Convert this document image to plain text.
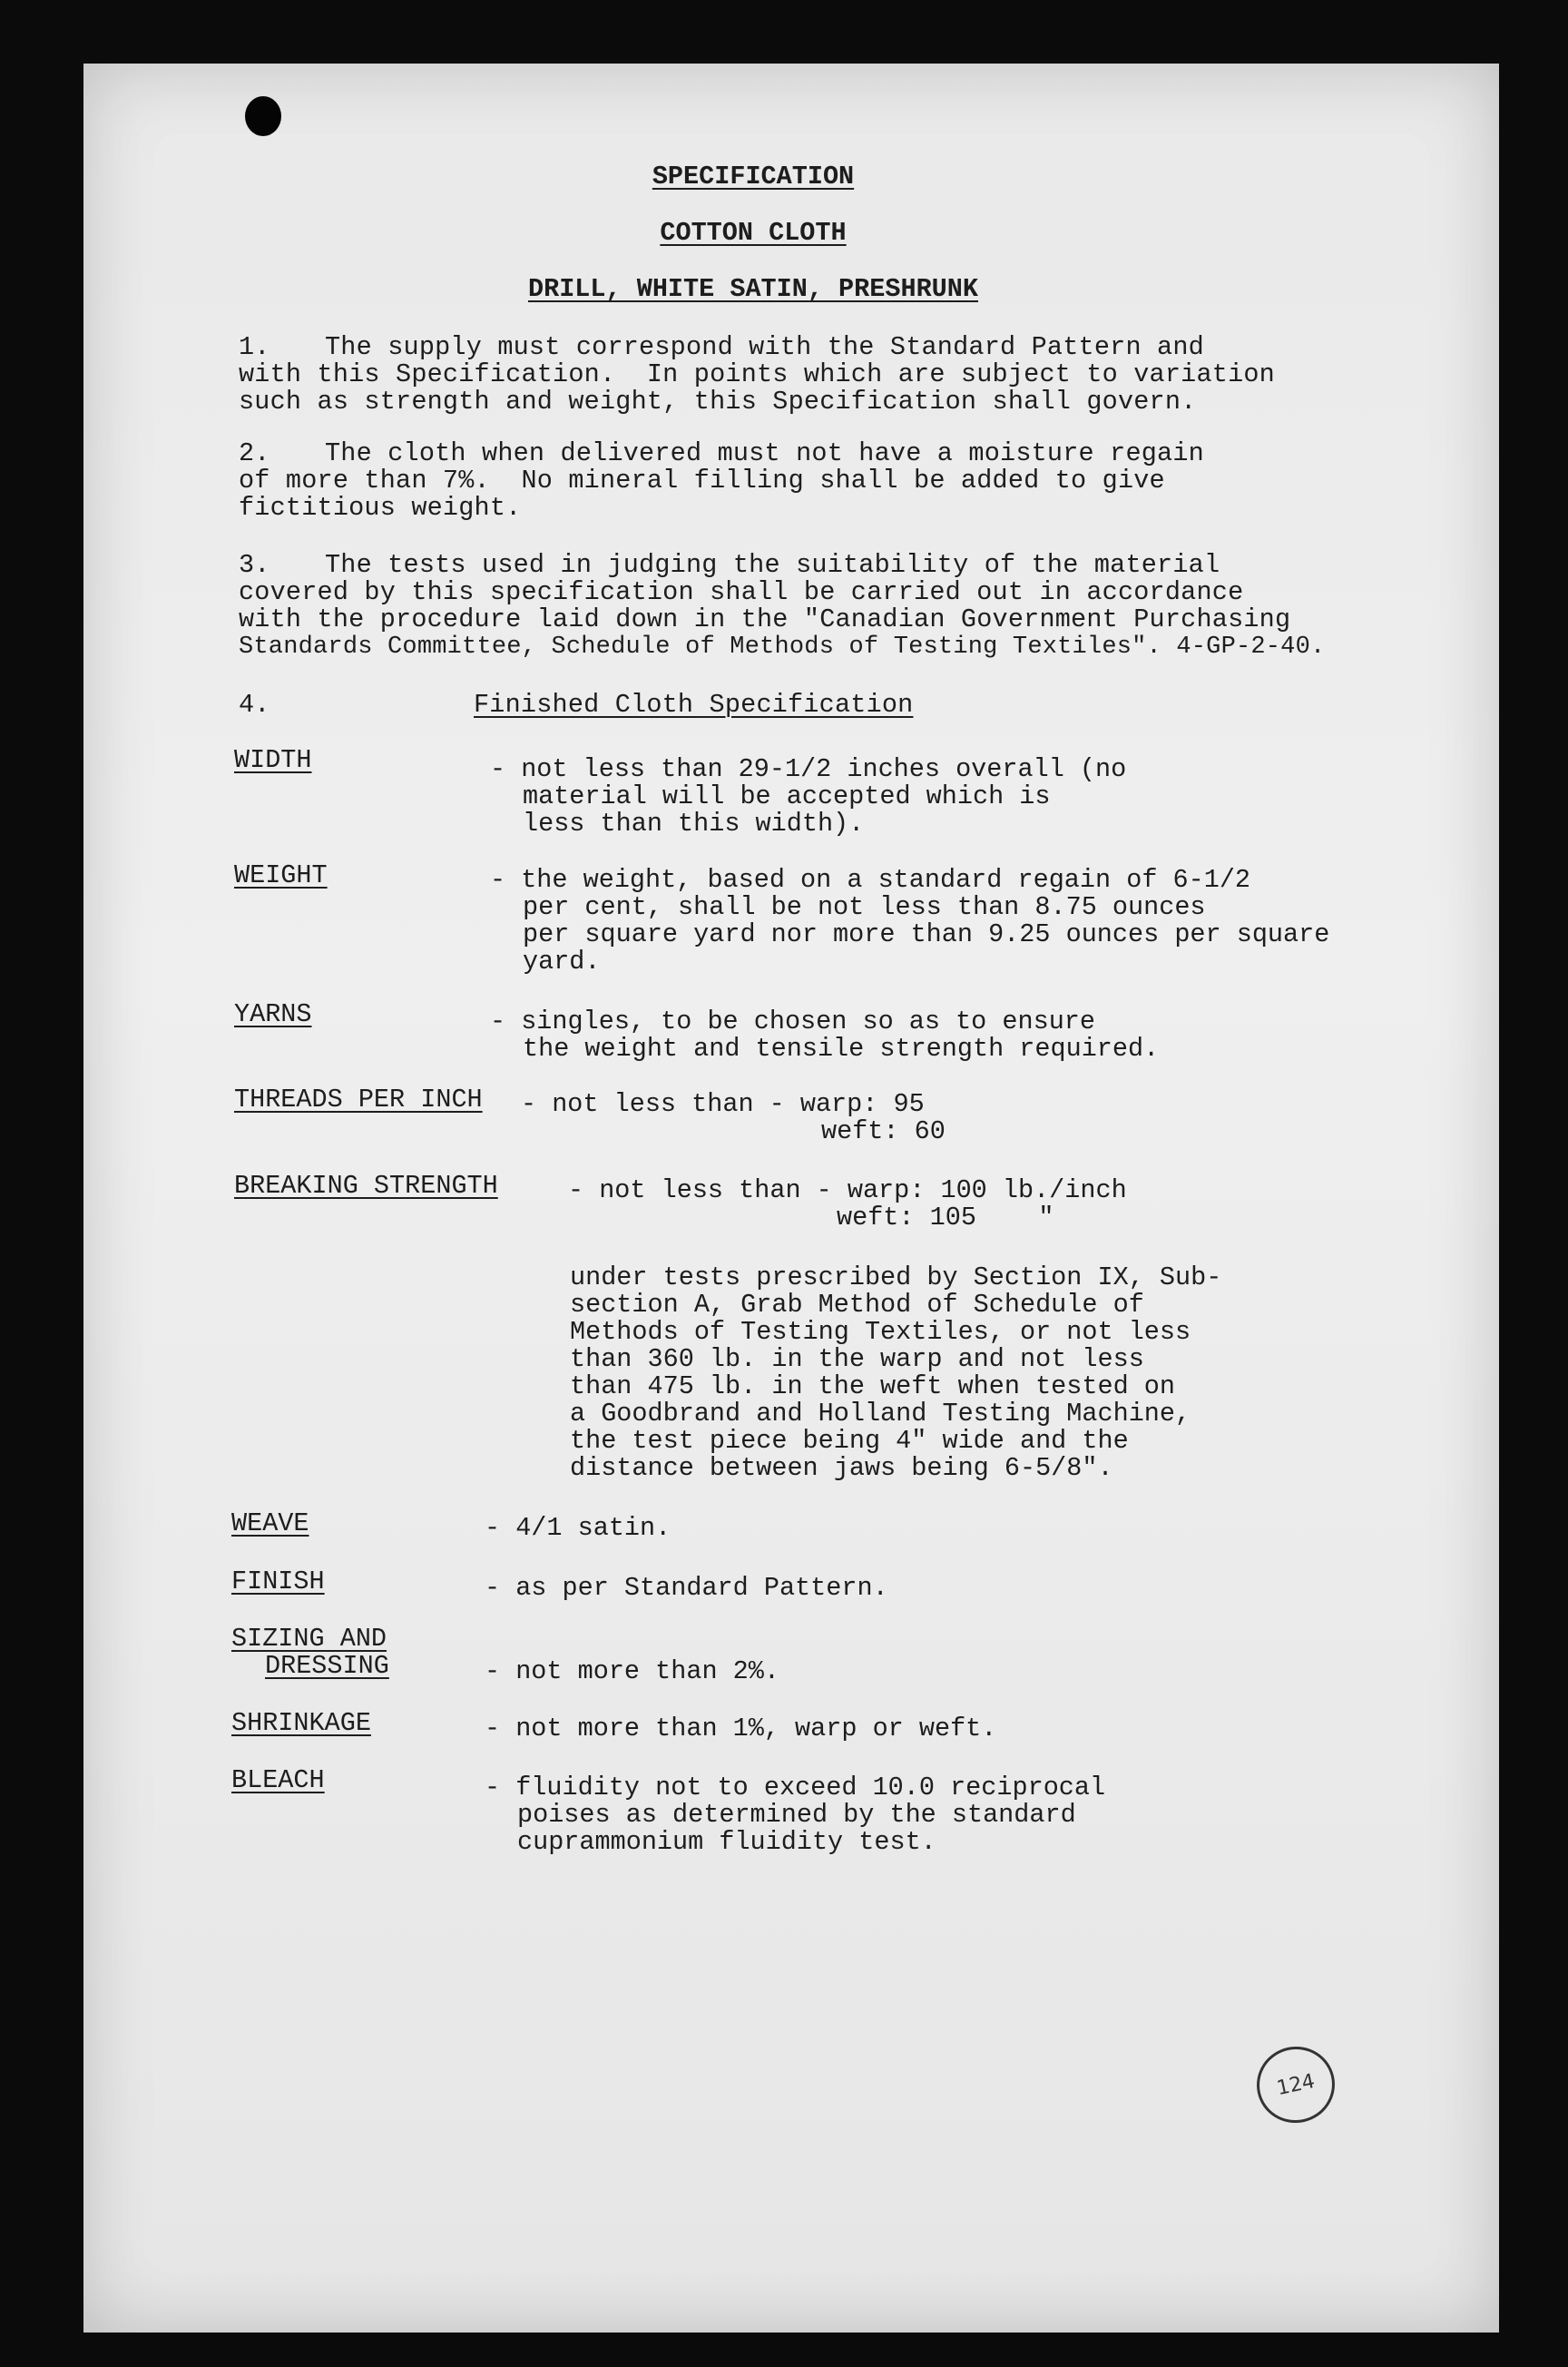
SPECIFICATION
COTTON CLOTH
DRILL, WHITE SATIN, PRESHRUNK
1. The supply must correspond with the Standard Pattern and
with this Specification.  In points which are subject to variation
such as strength and weight, this Specification shall govern.
2. The cloth when delivered must not have a moisture regain
of more than 7%.  No mineral filling shall be added to give
fictitious weight.
3. The tests used in judging the suitability of the material
covered by this specification shall be carried out in accordance
with the procedure laid down in the "Canadian Government Purchasing
Standards Committee, Schedule of Methods of Testing Textiles". 4-GP-2-40.
4.	Finished Cloth Specification
WIDTH	- not less than 29-1/2 inches overall (no
material will be accepted which is
less than this width).
WEIGHT	- the weight, based on a standard regain of 6-1/2
per cent, shall be not less than 8.75 ounces
per square yard nor more than 9.25 ounces per square
yard.
YARNS	- singles, to be chosen so as to ensure
the weight and tensile strength required.
THREADS PER INCH - not less than - warp: 95
weft: 60
BREAKING STRENGTH	- not less than - warp: 100 lb./inch
weft: 105    "
under tests prescribed by Section IX, Sub-
section A, Grab Method of Schedule of
Methods of Testing Textiles, or not less
than 360 lb. in the warp and not less
than 475 lb. in the weft when tested on
a Goodbrand and Holland Testing Machine,
the test piece being 4" wide and the
distance between jaws being 6-5/8".
WEAVE	- 4/1 satin.
FINISH	- as per Standard Pattern.
SIZING AND
DRESSING	- not more than 2%.
SHRINKAGE	- not more than 1%, warp or weft.
BLEACH	- fluidity not to exceed 10.0 reciprocal
poises as determined by the standard
cuprammonium fluidity test.
124
